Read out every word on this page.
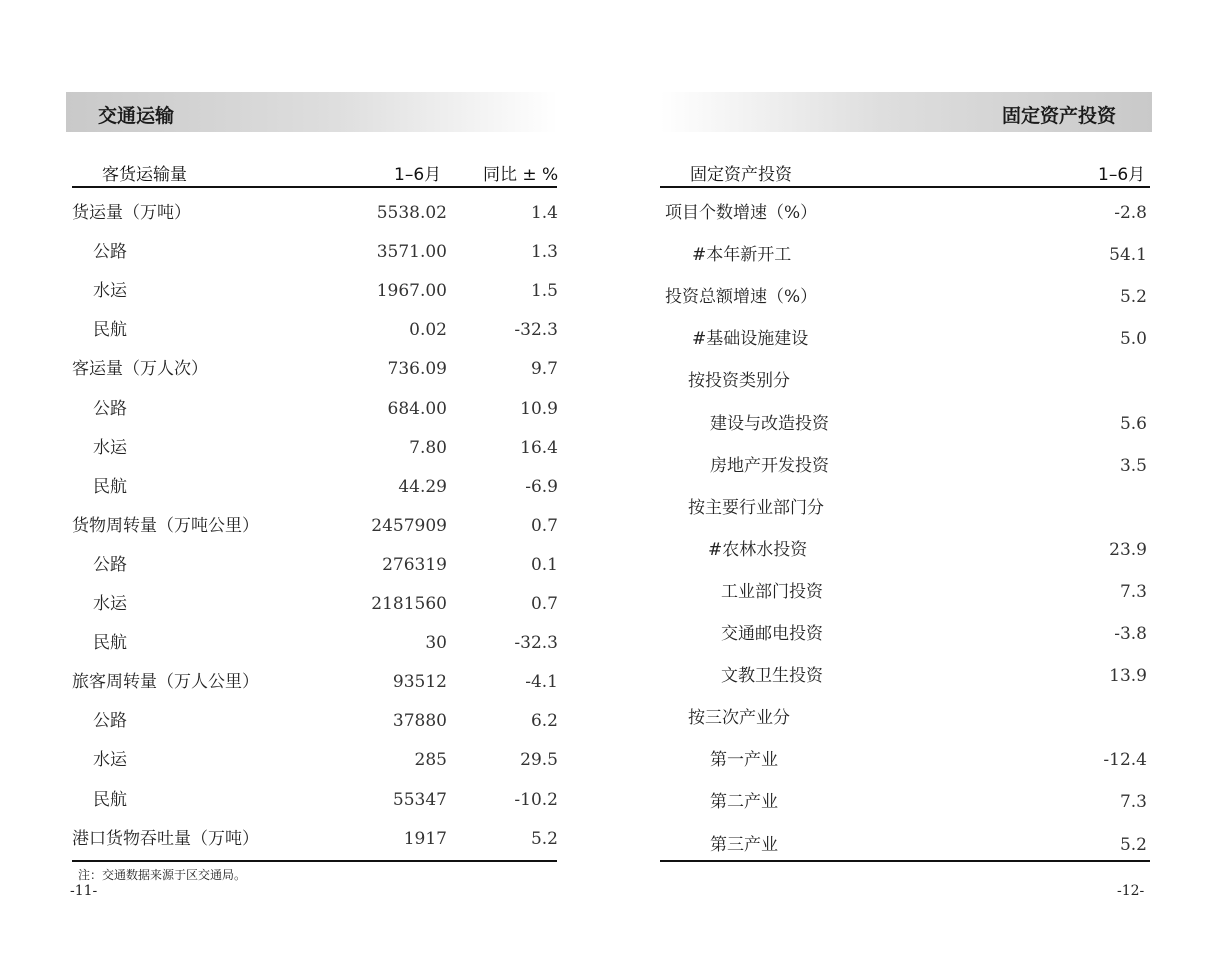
交通运输
客货运输量	1–6月 同比 ± %
货运量（万吨）	5538.02	1.4
公路	3571.00	1.3
水运	1967.00	1.5
民航	0.02	-32.3
客运量（万人次）	736.09	9.7
公路	684.00	10.9
水运	7.80	16.4
民航	44.29	-6.9
货物周转量（万吨公里）	2457909	0.7
公路	276319	0.1
水运	2181560	0.7
民航	30	-32.3
旅客周转量（万人公里）	93512	-4.1
公路	37880	6.2
水运	285	29.5
民航	55347	-10.2
港口货物吞吐量（万吨）	1917	5.2
注：交通数据来源于区交通局。
-11-
固定资产投资
固定资产投资	1–6月
项目个数增速（%）	-2.8
#本年新开工	54.1
投资总额增速（%）	5.2
#基础设施建设	5.0
按投资类别分
建设与改造投资	5.6
房地产开发投资	3.5
按主要行业部门分
#农林水投资	23.9
工业部门投资	7.3
交通邮电投资	-3.8
文教卫生投资	13.9
按三次产业分
第一产业	-12.4
第二产业	7.3
第三产业	5.2
-12-
